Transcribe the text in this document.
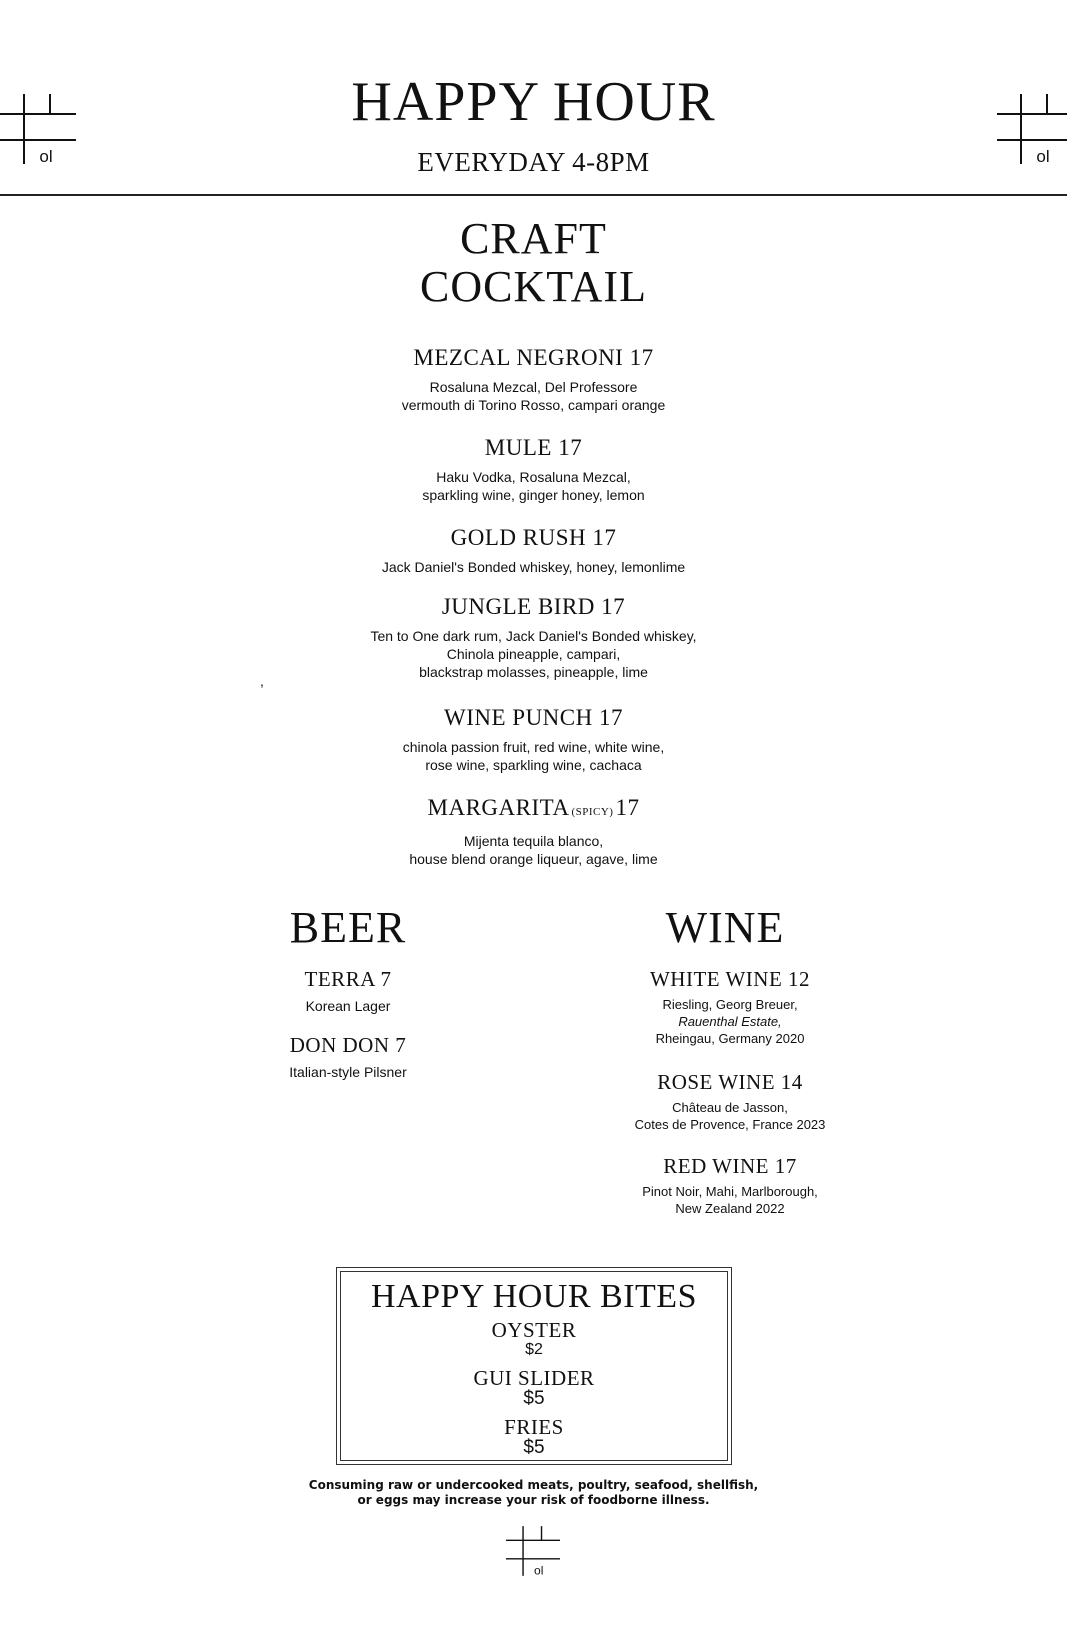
ol	ol
ol
HAPPY HOUR
EVERYDAY 4-8PM
CRAFT
COCKTAIL
MEZCAL NEGRONI 17
Rosaluna Mezcal, Del Professore
vermouth di Torino Rosso, campari orange
MULE 17
Haku Vodka, Rosaluna Mezcal,
sparkling wine, ginger honey, lemon
GOLD RUSH 17
Jack Daniel's Bonded whiskey, honey, lemonlime
JUNGLE BIRD 17
Ten to One dark rum, Jack Daniel's Bonded whiskey,
Chinola pineapple, campari,
blackstrap molasses, pineapple, lime
,
WINE PUNCH 17
chinola passion fruit, red wine, white wine,
rose wine, sparkling wine, cachaca
MARGARITA (SPICY)17
Mijenta tequila blanco,
house blend orange liqueur, agave, lime
BEER
TERRA 7
Korean Lager
DON DON 7
Italian-style Pilsner
WINE
WHITE WINE 12
Riesling, Georg Breuer,
Rauenthal Estate,
Rheingau, Germany 2020
ROSE WINE 14
Château de Jasson,
Cotes de Provence, France 2023
RED WINE 17
Pinot Noir, Mahi, Marlborough,
New Zealand 2022
HAPPY HOUR BITES
OYSTER
$2
GUI SLIDER
$5
FRIES
$5
Consuming raw or undercooked meats, poultry, seafood, shellfish,
or eggs may increase your risk of foodborne illness.
